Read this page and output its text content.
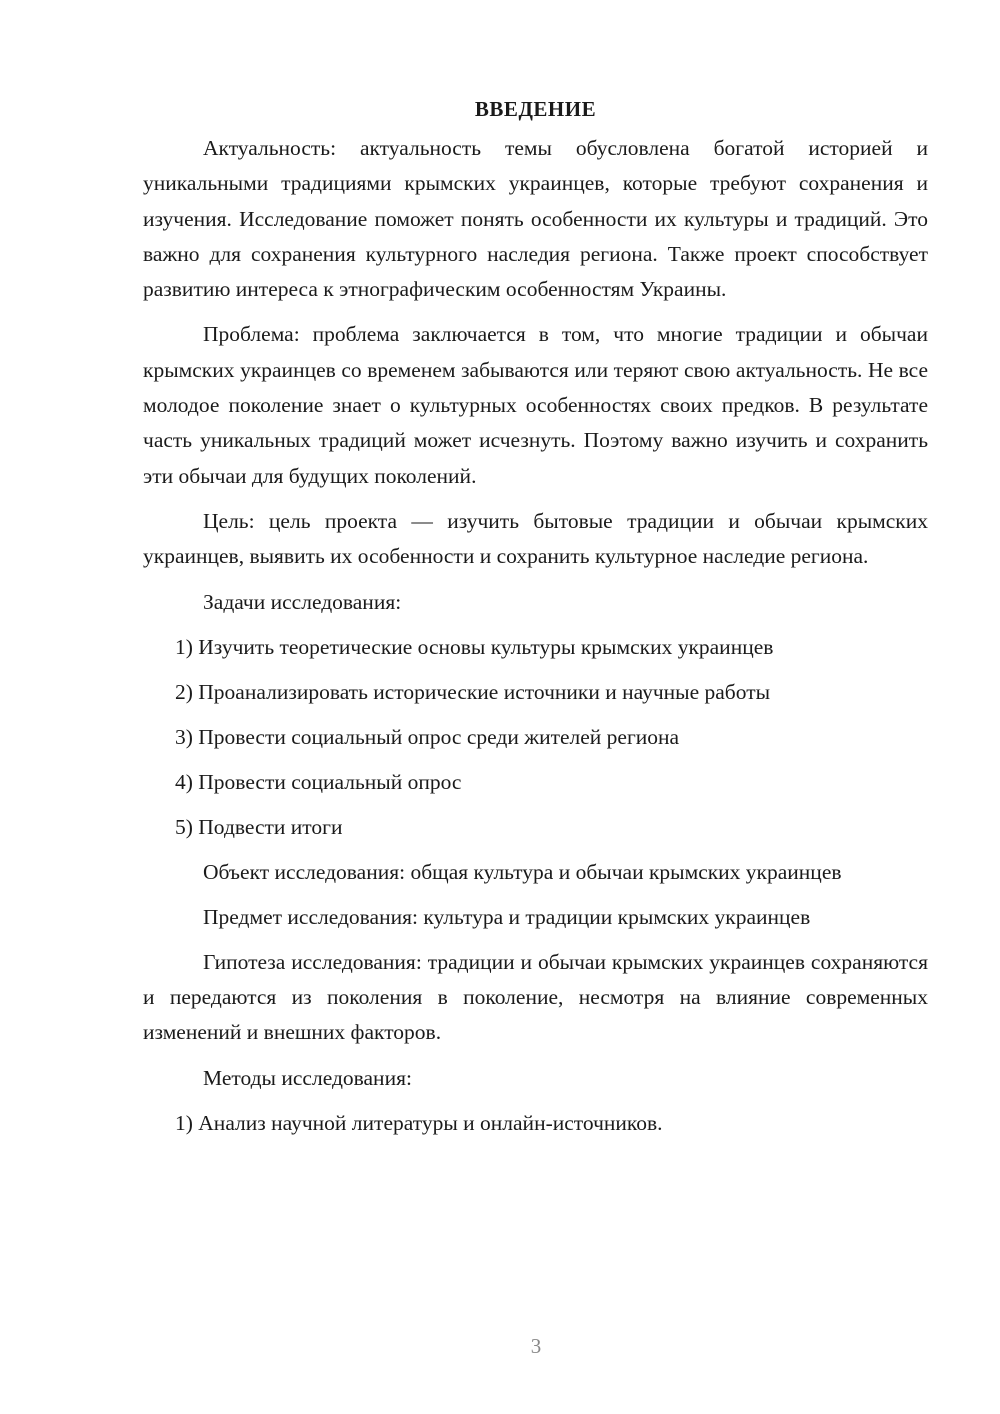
ВВЕДЕНИЕ

Актуальность: актуальность темы обусловлена богатой историей и уникальными традициями крымских украинцев, которые требуют сохранения и изучения. Исследование поможет понять особенности их культуры и традиций. Это важно для сохранения культурного наследия региона. Также проект способствует развитию интереса к этнографическим особенностям Украины.

Проблема: проблема заключается в том, что многие традиции и обычаи крымских украинцев со временем забываются или теряют свою актуальность. Не все молодое поколение знает о культурных особенностях своих предков. В результате часть уникальных традиций может исчезнуть. Поэтому важно изучить и сохранить эти обычаи для будущих поколений.

Цель: цель проекта — изучить бытовые традиции и обычаи крымских украинцев, выявить их особенности и сохранить культурное наследие региона.

Задачи исследования:

1) Изучить теоретические основы культуры крымских украинцев

2) Проанализировать исторические источники и научные работы

3) Провести социальный опрос среди жителей региона

4) Провести социальный опрос

5) Подвести итоги

Объект исследования: общая культура и обычаи крымских украинцев

Предмет исследования: культура и традиции крымских украинцев

Гипотеза исследования: традиции и обычаи крымских украинцев сохраняются и передаются из поколения в поколение, несмотря на влияние современных изменений и внешних факторов.

Методы исследования:

1) Анализ научной литературы и онлайн-источников.

3
